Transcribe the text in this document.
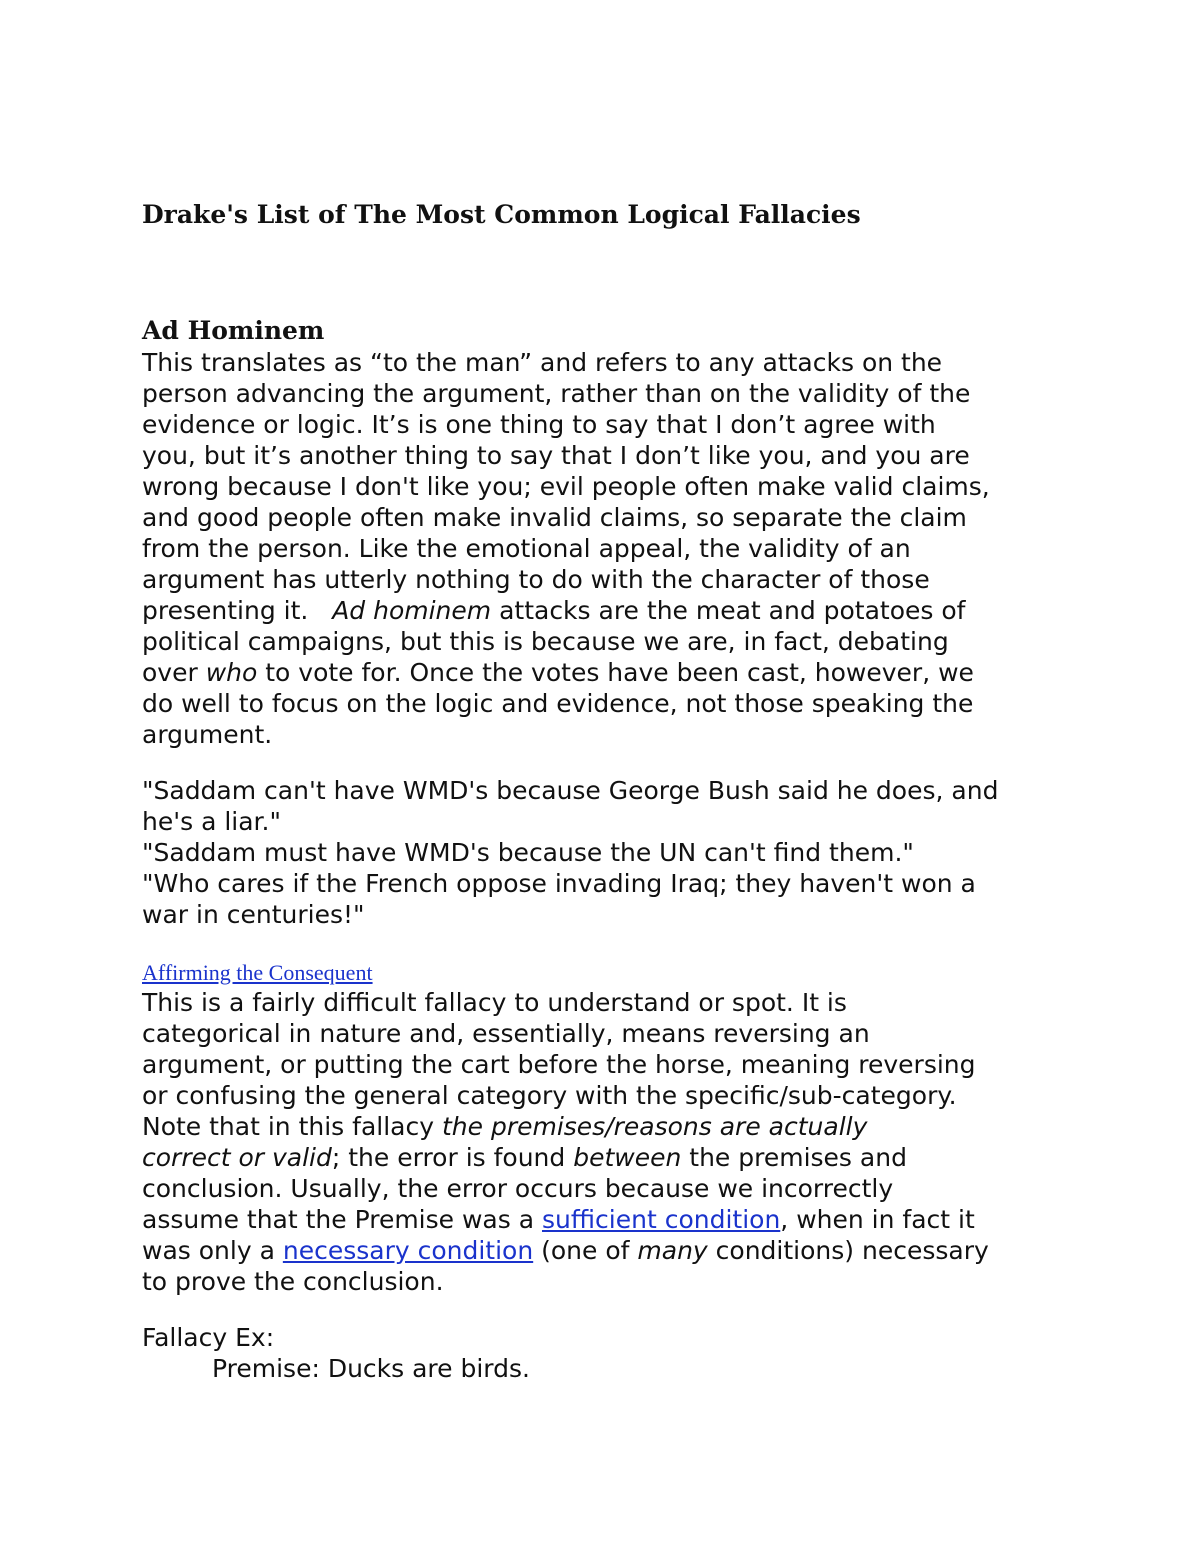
Drake's List of The Most Common Logical Fallacies

Ad Hominem

This translates as “to the man” and refers to any attacks on the
person advancing the argument, rather than on the validity of the
evidence or logic. It’s is one thing to say that I don’t agree with
you, but it’s another thing to say that I don’t like you, and you are
wrong because I don't like you; evil people often make valid claims,
and good people often make invalid claims, so separate the claim
from the person. Like the emotional appeal, the validity of an
argument has utterly nothing to do with the character of those
presenting it.   Ad hominem attacks are the meat and potatoes of
political campaigns, but this is because we are, in fact, debating
over who to vote for. Once the votes have been cast, however, we
do well to focus on the logic and evidence, not those speaking the
argument.
"Saddam can't have WMD's because George Bush said he does, and
he's a liar."
"Saddam must have WMD's because the UN can't find them."
"Who cares if the French oppose invading Iraq; they haven't won a
war in centuries!"
Affirming the Consequent
This is a fairly difficult fallacy to understand or spot. It is
categorical in nature and, essentially, means reversing an
argument, or putting the cart before the horse, meaning reversing
or confusing the general category with the specific/sub-category.
Note that in this fallacy the premises/reasons are actually
correct or valid; the error is found between the premises and
conclusion. Usually, the error occurs because we incorrectly
assume that the Premise was a sufficient condition, when in fact it
was only a necessary condition (one of many conditions) necessary
to prove the conclusion.
Fallacy Ex:
Premise: Ducks are birds.
